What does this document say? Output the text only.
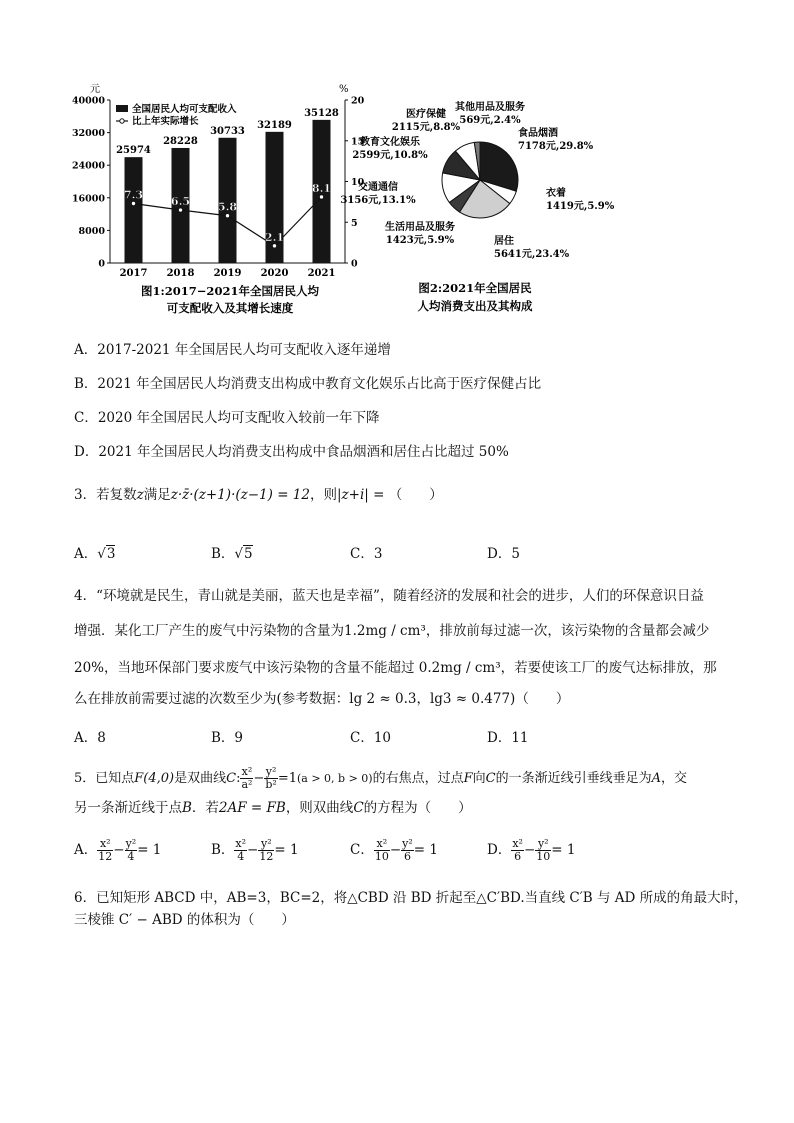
元	%
0
8000
16000
24000
32000
40000
0
5
10
15
20
25974
2017
28228
2018
30733
2019
32189
2020
35128
2021
7.3
6.5	5.8
2.1
8.1
全国居民人均可支配收入
比上年实际增长
图1:2017−2021年全国居民人均
可支配收入及其增长速度
食品烟酒
7178元,29.8%
衣着
1419元,5.9%
居住
5641元,23.4%
生活用品及服务
1423元,5.9%
交通通信
3156元,13.1%
教育文化娱乐
2599元,10.8%
医疗保健
2115元,8.8%
其他用品及服务
569元,2.4%
图2:2021年全国居民
人均消费支出及其构成
A．2017-2021 年全国居民人均可支配收入逐年递增
B．2021 年全国居民人均消费支出构成中教育文化娱乐占比高于医疗保健占比
C．2020 年全国居民人均可支配收入较前一年下降
D．2021 年全国居民人均消费支出构成中食品烟酒和居住占比超过 50%
3．若复数z满足z·z̄·(z+1)·(z−1) = 12，则|z+i| = （　　）
A．√3	B．√5	C．3	D．5
4．“环境就是民生，青山就是美丽，蓝天也是幸福”，随着经济的发展和社会的进步，人们的环保意识日益
增强．某化工厂产生的废气中污染物的含量为1.2mg / cm³，排放前每过滤一次，该污染物的含量都会减少
20%，当地环保部门要求废气中该污染物的含量不能超过 0.2mg / cm³，若要使该工厂的废气达标排放，那
么在排放前需要过滤的次数至少为(参考数据：lg 2 ≈ 0.3，lg3 ≈ 0.477)（　　）
A．8	B．9	C．10	D．11
5．已知点F(4,0)是双曲线C: $\frac{\text{x²}}{\text{a²}} - \frac{\text{y²}}{\text{b²}} =1(a > 0$, b > 0)的右焦点，过点F向C的一条渐近线引垂线垂足为A，交
另一条渐近线于点B．若2AF = FB，则双曲线C的方程为（　　）
A． $\frac{\text{x²}}{12} - \frac{\text{y²}}{4} = 1$	B． $\frac{\text{x²}}{4} - \frac{\text{y²}}{12} = 1$	C． $\frac{\text{x²}}{10} - \frac{\text{y²}}{6} = 1$	D． $\frac{\text{x²}}{6} - \frac{\text{y²}}{10} = 1$
6．已知矩形 ABCD 中，AB=3，BC=2，将△CBD 沿 BD 折起至△C′BD.当直线 C′B 与 AD 所成的角最大时，
三棱锥 C′ − ABD 的体积为（　　）
